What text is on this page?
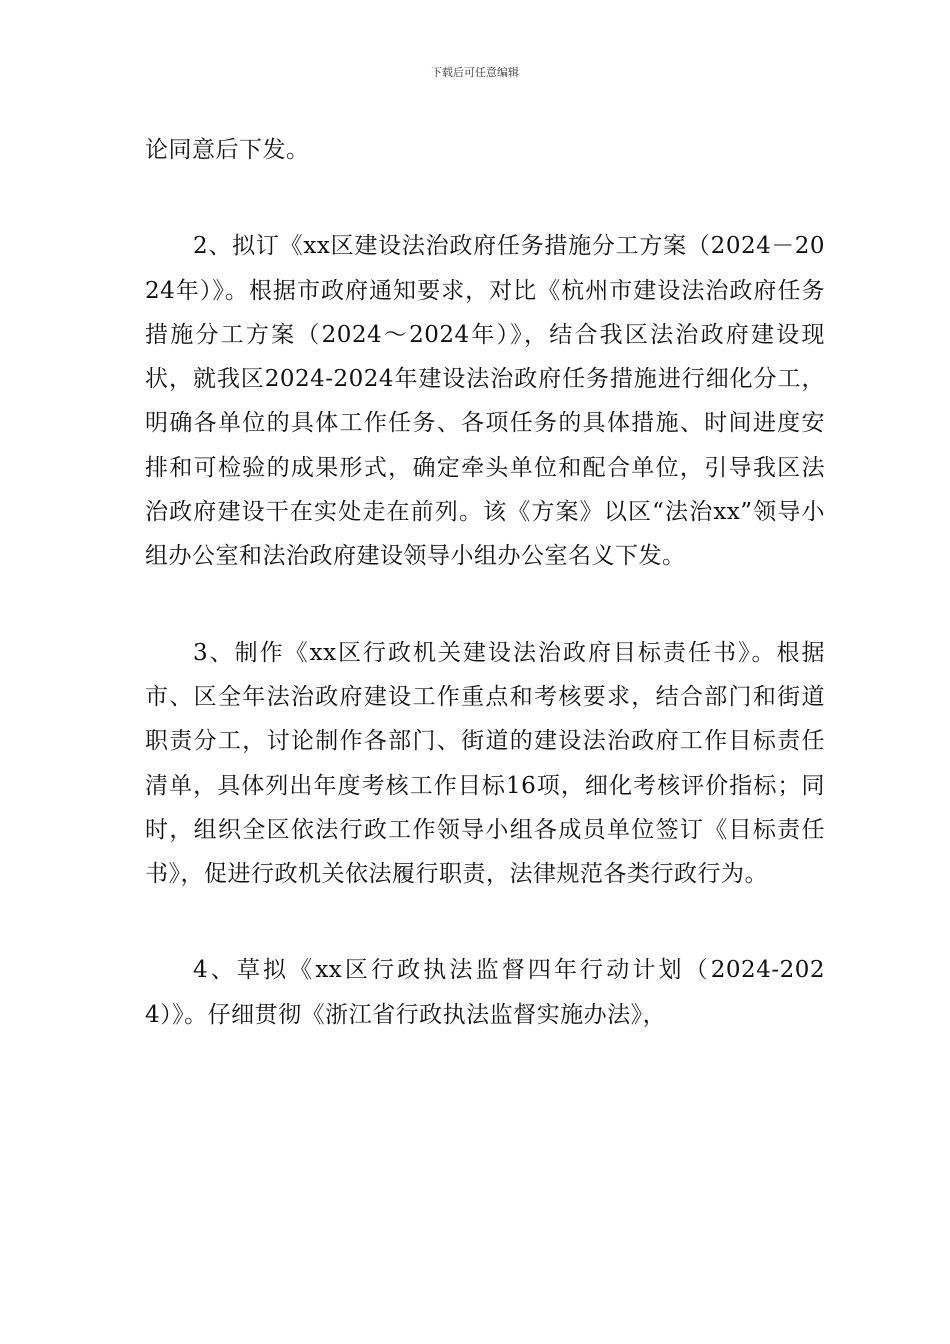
下载后可任意编辑

论同意后下发。

2、拟订《xx区建设法治政府任务措施分工方案（2024－2024年）》。根据市政府通知要求，对比《杭州市建设法治政府任务措施分工方案（2024～2024年）》，结合我区法治政府建设现状，就我区2024-2024年建设法治政府任务措施进行细化分工，明确各单位的具体工作任务、各项任务的具体措施、时间进度安排和可检验的成果形式，确定牵头单位和配合单位，引导我区法治政府建设干在实处走在前列。该《方案》以区“法治xx”领导小组办公室和法治政府建设领导小组办公室名义下发。

3、制作《xx区行政机关建设法治政府目标责任书》。根据市、区全年法治政府建设工作重点和考核要求，结合部门和街道职责分工，讨论制作各部门、街道的建设法治政府工作目标责任清单，具体列出年度考核工作目标16项，细化考核评价指标；同时，组织全区依法行政工作领导小组各成员单位签订《目标责任书》，促进行政机关依法履行职责，法律规范各类行政行为。

4、草拟《xx区行政执法监督四年行动计划（2024-2024）》。仔细贯彻《浙江省行政执法监督实施办法》，
